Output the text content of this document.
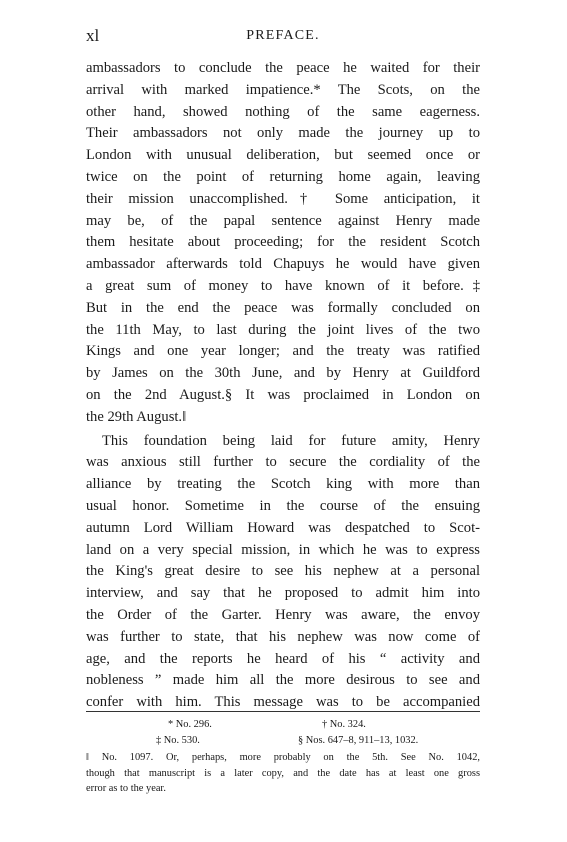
xl	PREFACE.
ambassadors to conclude the peace he waited for their
arrival with marked impatience.* The Scots, on the
other hand, showed nothing of the same eagerness.
Their ambassadors not only made the journey up to
London with unusual deliberation, but seemed once or
twice on the point of returning home again, leaving
their mission unaccomplished.† Some anticipation, it
may be, of the papal sentence against Henry made
them hesitate about proceeding; for the resident Scotch
ambassador afterwards told Chapuys he would have given
a great sum of money to have known of it before.‡
But in the end the peace was formally concluded on
the 11th May, to last during the joint lives of the two
Kings and one year longer; and the treaty was ratified
by James on the 30th June, and by Henry at Guildford
on the 2nd August.§ It was proclaimed in London on
the 29th August.‖
This foundation being laid for future amity, Henry
was anxious still further to secure the cordiality of the
alliance by treating the Scotch king with more than
usual honor. Sometime in the course of the ensuing
autumn Lord William Howard was despatched to Scot-
land on a very special mission, in which he was to express
the King's great desire to see his nephew at a personal
interview, and say that he proposed to admit him into
the Order of the Garter. Henry was aware, the envoy
was further to state, that his nephew was now come of
age, and the reports he heard of his “ activity and
nobleness ” made him all the more desirous to see and
confer with him. This message was to be accompanied
* No. 296.	† No. 324.
‡ No. 530.	§ Nos. 647–8, 911–13, 1032.
‖ No. 1097. Or, perhaps, more probably on the 5th. See No. 1042,
though that manuscript is a later copy, and the date has at least one gross
error as to the year.
